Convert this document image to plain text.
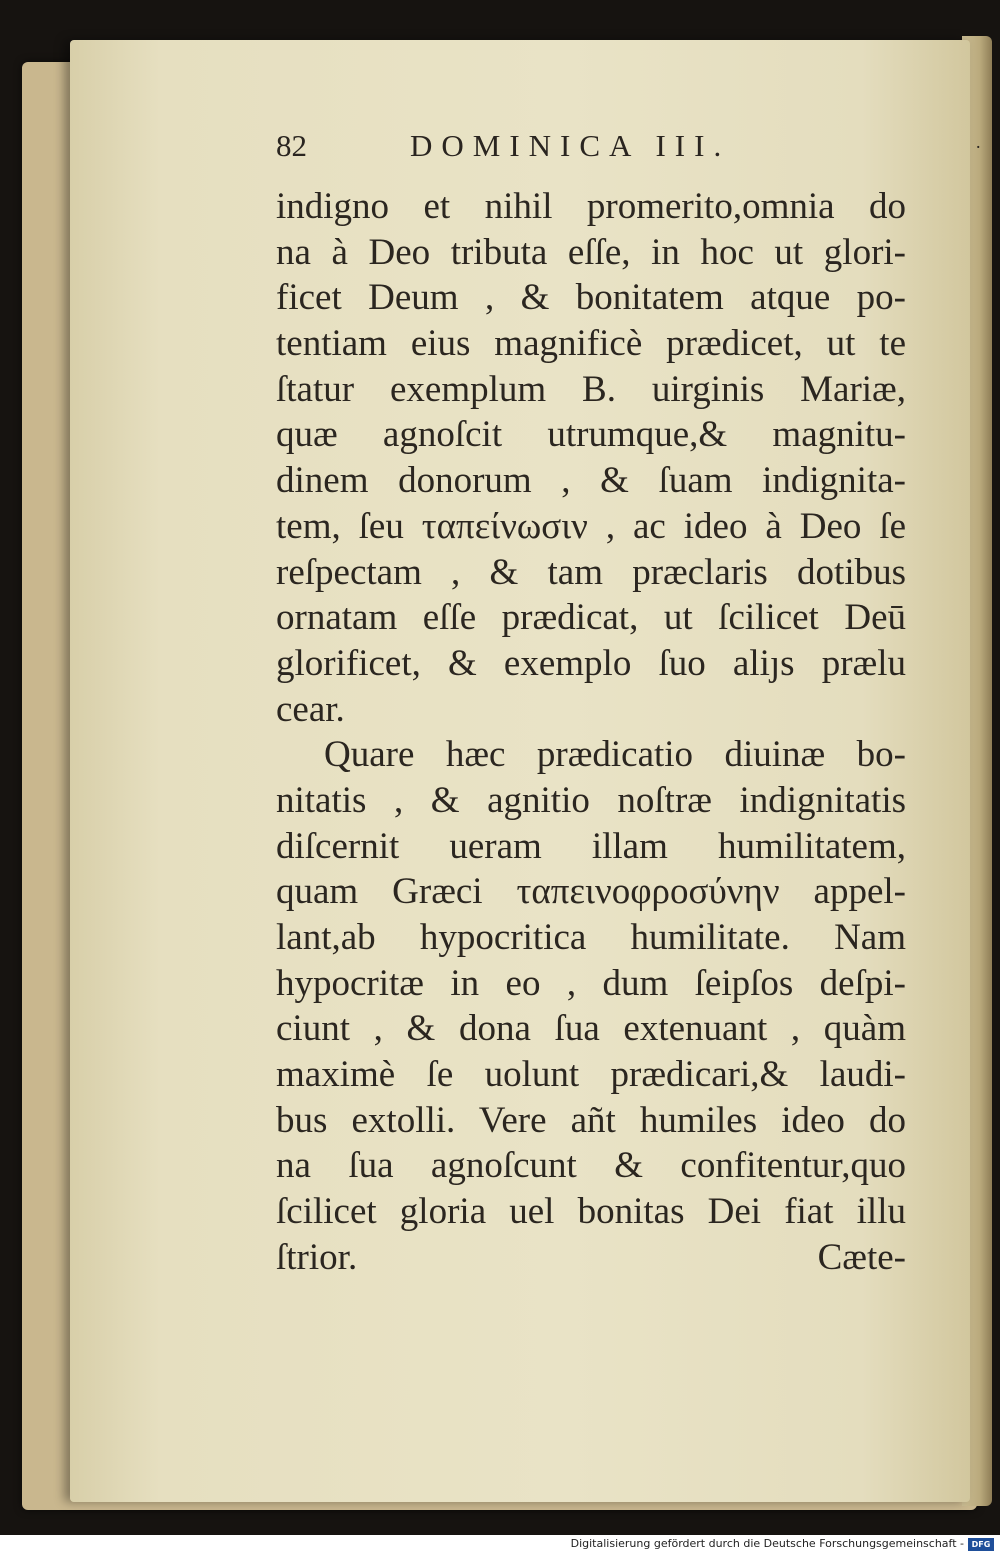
82	DOMINICA III.	.
indigno et nihil promerito,omnia do
na à Deo tributa eſſe, in hoc ut glori-
ficet Deum , & bonitatem atque po-
tentiam eius magnificè prædicet, ut te
ſtatur exemplum B. uirginis Mariæ,
quæ agnoſcit utrumque,& magnitu-
dinem donorum , & ſuam indignita-
tem, ſeu ταπείνωσιν , ac ideo à Deo ſe
reſpectam , & tam præclaris dotibus
ornatam eſſe prædicat, ut ſcilicet Deū
glorificet, & exemplo ſuo aliȷs prælu
cear.
Quare hæc prædicatio diuinæ bo-
nitatis , & agnitio noſtræ indignitatis
diſcernit ueram illam humilitatem,
quam Græci ταπεινοφροσύνην appel-
lant,ab hypocritica humilitate. Nam
hypocritæ in eo , dum ſeipſos deſpi-
ciunt , & dona ſua extenuant , quàm
maximè ſe uolunt prædicari,& laudi-
bus extolli. Vere añt humiles ideo do
na ſua agnoſcunt & confitentur,quo
ſcilicet gloria uel bonitas Dei fiat illu
ſtrior.	Cæte-
Digitalisierung gefördert durch die Deutsche Forschungsgemeinschaft - DFG
